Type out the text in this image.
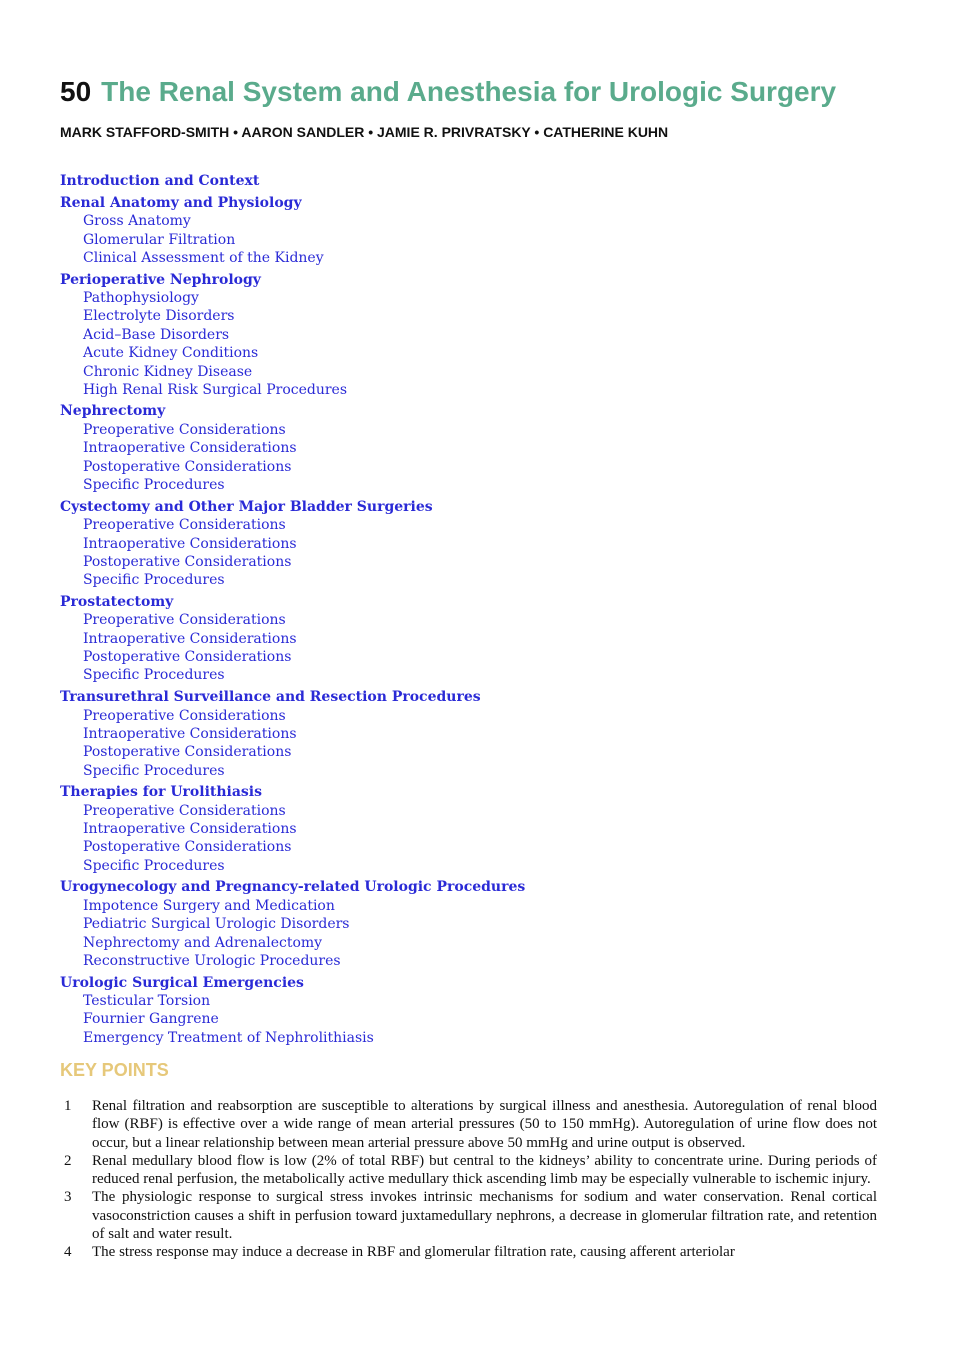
50 The Renal System and Anesthesia for Urologic Surgery
MARK STAFFORD-SMITH • AARON SANDLER • JAMIE R. PRIVRATSKY • CATHERINE KUHN
Introduction and Context
Renal Anatomy and Physiology
Gross Anatomy
Glomerular Filtration
Clinical Assessment of the Kidney
Perioperative Nephrology
Pathophysiology
Electrolyte Disorders
Acid–Base Disorders
Acute Kidney Conditions
Chronic Kidney Disease
High Renal Risk Surgical Procedures
Nephrectomy
Preoperative Considerations
Intraoperative Considerations
Postoperative Considerations
Specific Procedures
Cystectomy and Other Major Bladder Surgeries
Preoperative Considerations
Intraoperative Considerations
Postoperative Considerations
Specific Procedures
Prostatectomy
Preoperative Considerations
Intraoperative Considerations
Postoperative Considerations
Specific Procedures
Transurethral Surveillance and Resection Procedures
Preoperative Considerations
Intraoperative Considerations
Postoperative Considerations
Specific Procedures
Therapies for Urolithiasis
Preoperative Considerations
Intraoperative Considerations
Postoperative Considerations
Specific Procedures
Urogynecology and Pregnancy-related Urologic Procedures
Impotence Surgery and Medication
Pediatric Surgical Urologic Disorders
Nephrectomy and Adrenalectomy
Reconstructive Urologic Procedures
Urologic Surgical Emergencies
Testicular Torsion
Fournier Gangrene
Emergency Treatment of Nephrolithiasis
KEY POINTS
1	Renal filtration and reabsorption are susceptible to alterations by surgical illness and anesthesia. Autoregulation of renal blood flow (RBF) is effective over a wide range of mean arterial pressures (50 to 150 mmHg). Autoregulation of urine flow does not occur, but a linear relationship between mean arterial pressure above 50 mmHg and urine output is observed.
2	Renal medullary blood flow is low (2% of total RBF) but central to the kidneys’ ability to concentrate urine. During periods of reduced renal perfusion, the metabolically active medullary thick ascending limb may be especially vulnerable to ischemic injury.
3	The physiologic response to surgical stress invokes intrinsic mechanisms for sodium and water conservation. Renal cortical vasoconstriction causes a shift in perfusion toward juxtamedullary nephrons, a decrease in glomerular filtration rate, and retention of salt and water result.
4	The stress response may induce a decrease in RBF and glomerular filtration rate, causing afferent arteriolar
